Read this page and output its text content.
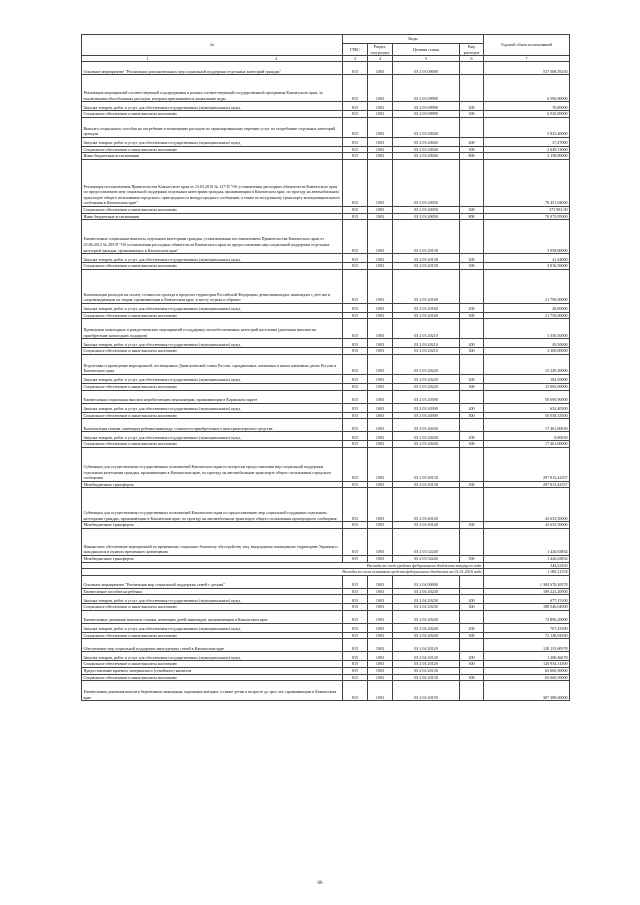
№	Коды				Годовой объем ассигнований
	ГРБС	Раздел, под-раздел	Целевая статья	Вид расходов	
1 2	3	4	5	6	7
Основное мероприятие "Реализация дополнительных мер социальной поддержки отдельных категорий граждан"	815	1003	03 2 03 00000		537 368,59230
Реализация мероприятий соответствующей подпрограммы в рамках соответствующей государственной программы Камчатского края, за исключением обособленных расходов, которым присваиваются уникальные коды	815	1003	03 2 03 09990		6 590,00000
Закупка товаров, работ и услуг для обеспечения государственных (муниципальных) нужд	815	1003	03 2 03 09990	200	70,00000
Социальное обеспечение и иные выплаты населению	815	1003	03 2 03 09990	300	6 520,00000
Выплата социального пособия на погребение и возмещение расходов по гарантированному перечню услуг по погребению отдельных категорий граждан	815	1003	03 2 03 20040		5 825,40000
Закупка товаров, работ и услуг для обеспечения государственных (муниципальных) нужд	815	1003	03 2 03 20040	200	37,47000
Социальное обеспечение и иные выплаты населению	815	1003	03 2 03 20040	300	2 649,13000
Иные бюджетные ассигнования	815	1003	03 2 03 20040	800	3 138,80000
Реализация постановления Правительства Камчатского края от 23.03.2010 № 127-П "Об установлении расходных обязательств Камчатского края по предоставлению мер социальной поддержки отдельным категориям граждан, проживающим в Камчатском крае, по проезду на автомобильном транспорте общего пользования городского, пригородного и междугородного сообщения, а также по воздушному транспорту межмуниципального сообщения в Камчатском крае"	815	1003	03 2 03 20050		70 451,94000
Социальное обеспечение и иные выплаты населению	815	1003	03 2 03 20050	300	375 981,00
Иные бюджетные ассигнования	815	1003	03 2 03 20050	800	70 075,95900
Ежемесячные социальные выплаты отдельным категориям граждан, установленным постановлением Правительства Камчатского края от 25.06.2012 № 285-П "Об установлении расходных обязательств Камчатского края по предоставлению мер социальной поддержки отдельных категорий граждан, проживающих в Камчатском крае"	815	1003	03 2 03 20130		3 058,00000
Закупка товаров, работ и услуг для обеспечения государственных (муниципальных) нужд	815	1003	03 2 03 20130	200	41,44000
Социальное обеспечение и иные выплаты населению	815	1003	03 2 03 20130	300	3 016,56000
Компенсация расходов на оплату стоимости проезда в пределах территории Российской Федерации детям-инвалидам, инвалидам с детства и сопровождающим их лицам, проживающим в Камчатском крае, к месту отдыха и обратно	815	1003	03 2 03 20160		21 790,00000
Закупка товаров, работ и услуг для обеспечения государственных (муниципальных) нужд	815	1003	03 2 03 20160	200	40,00000
Социальное обеспечение и иные выплаты населению	815	1003	03 2 03 20160	300	21 750,00000
Проведение новогодних и рождественских мероприятий и поддержку малообеспеченных категорий населения (денежная выплата на приобретение новогодних подарков)	815	1003	03 2 03 20210		3 349,50000
Закупка товаров, работ и услуг для обеспечения государственных (муниципальных) нужд	815	1003	03 2 03 20210	200	49,50000
Социальное обеспечение и иные выплаты населению	815	1003	03 2 03 20210	300	3 300,00000
Подготовка и проведение мероприятий, посвященных Дням воинской славы России, праздничным, памятным и иным значимым датам России и Камчатского края	815	1003	03 2 03 20220		15 249,50000
Закупка товаров, работ и услуг для обеспечения государственных (муниципальных) нужд	815	1003	03 2 03 20220	200	184,50000
Социальное обеспечение и иные выплаты населению	815	1003	03 2 03 20220	300	15 065,00000
Ежемесячная социальная выплата неработающим пенсионерам, проживающим в Корякском округе	815	1003	03 2 03 20390		50 690,90000
Закупка товаров, работ и услуг для обеспечения государственных (муниципальных) нужд	815	1003	03 2 03 20390	200	632,40500
Социальное обеспечение и иные выплаты населению	815	1003	03 2 03 20390	300	50 058,33500
Компенсация семьям, имеющим ребенка-инвалида, стоимости приобретенного ими транспортного средства	815	1003	03 2 03 20430		17 461,00039
Закупка товаров, работ и услуг для обеспечения государственных (муниципальных) нужд	815	1003	03 2 03 20430	200	0,00039
Социальное обеспечение и иные выплаты населению	815	1003	03 2 03 20430	300	17 461,00000
Субвенции для осуществления государственных полномочий Камчатского края по вопросам предоставления мер социальной поддержки отдельным категориям граждан, проживающим в Камчатском крае, по проезду на автомобильном транспорте общего пользования городского сообщения	815	1003	03 2 03 40130		297 813,42357
Межбюджетные трансферты	815	1003	03 2 03 40130	500	297 813,42357
Субвенции для осуществления государственных полномочий Камчатского края по предоставлению мер социальной поддержки отдельным категориям граждан, проживающим в Камчатском крае, по проезду на автомобильном транспорте общего пользования пригородного сообщения	815	1003	03 2 03 40140		43 635,50000
Межбюджетные трансферты	815	1003	03 2 03 40140	500	43 635,50000
Финансовое обеспечение мероприятий по временному социально-бытовому обустройству лиц, вынужденно покинувших территорию Украины и находящихся в пунктах временного размещения	815	1003	03 2 03 52240		1 426,63834
Межбюджетные трансферты	815	1003	03 2 03 52240	500	1 426,63834
Расходы за счет средств федерального бюджета текущего года					344,52500
Расходы за счет остатков средств федерального бюджета на 01.01.2016 года					1 082,11334
Основное мероприятие "Реализация мер социальной поддержки семей с детьми"	815	1003	03 2 04 00000		1 384 670,26578
Ежемесячное пособие на ребенка	815	1003	03 2 04 20230		189 223,20000
Закупка товаров, работ и услуг для обеспечения государственных (муниципальных) нужд	815	1003	03 2 04 20230	200	677,15100
Социальное обеспечение и иные выплаты населению	815	1003	03 2 04 20230	300	188 546,04900
Ежемесячные денежные выплаты семьям, имеющим детей-инвалидов, проживающим в Камчатском крае	815	1003	03 2 04 20240		72 896,20000
Закупка товаров, работ и услуг для обеспечения государственных (муниципальных) нужд	815	1003	03 2 04 20240	200	767,25500
Социальное обеспечение и иные выплаты населению	815	1003	03 2 04 20240	300	72 128,94500
Обеспечение мер социальной поддержки многодетных семей в Камчатском крае	815	1003	03 2 04 20120		128 135,60978
Закупка товаров, работ и услуг для обеспечения государственных (муниципальных) нужд	815	1003	03 2 04 20120	200	1 200,46678
Социальное обеспечение и иные выплаты населению	815	1003	03 2 04 20120	300	126 934,14300
Предоставление краевого материнского (семейного) капитала	815	1003	03 2 04 20130		65 660,50000
Социальное обеспечение и иные выплаты населению	815	1003	03 2 04 20130	300	65 660,50000
Ежемесячная денежная выплата беременным женщинам, кормящим матерям, а также детям в возрасте до трех лет, проживающим в Камчатском крае	815	1003	03 2 04 20150		307 380,60000
66
